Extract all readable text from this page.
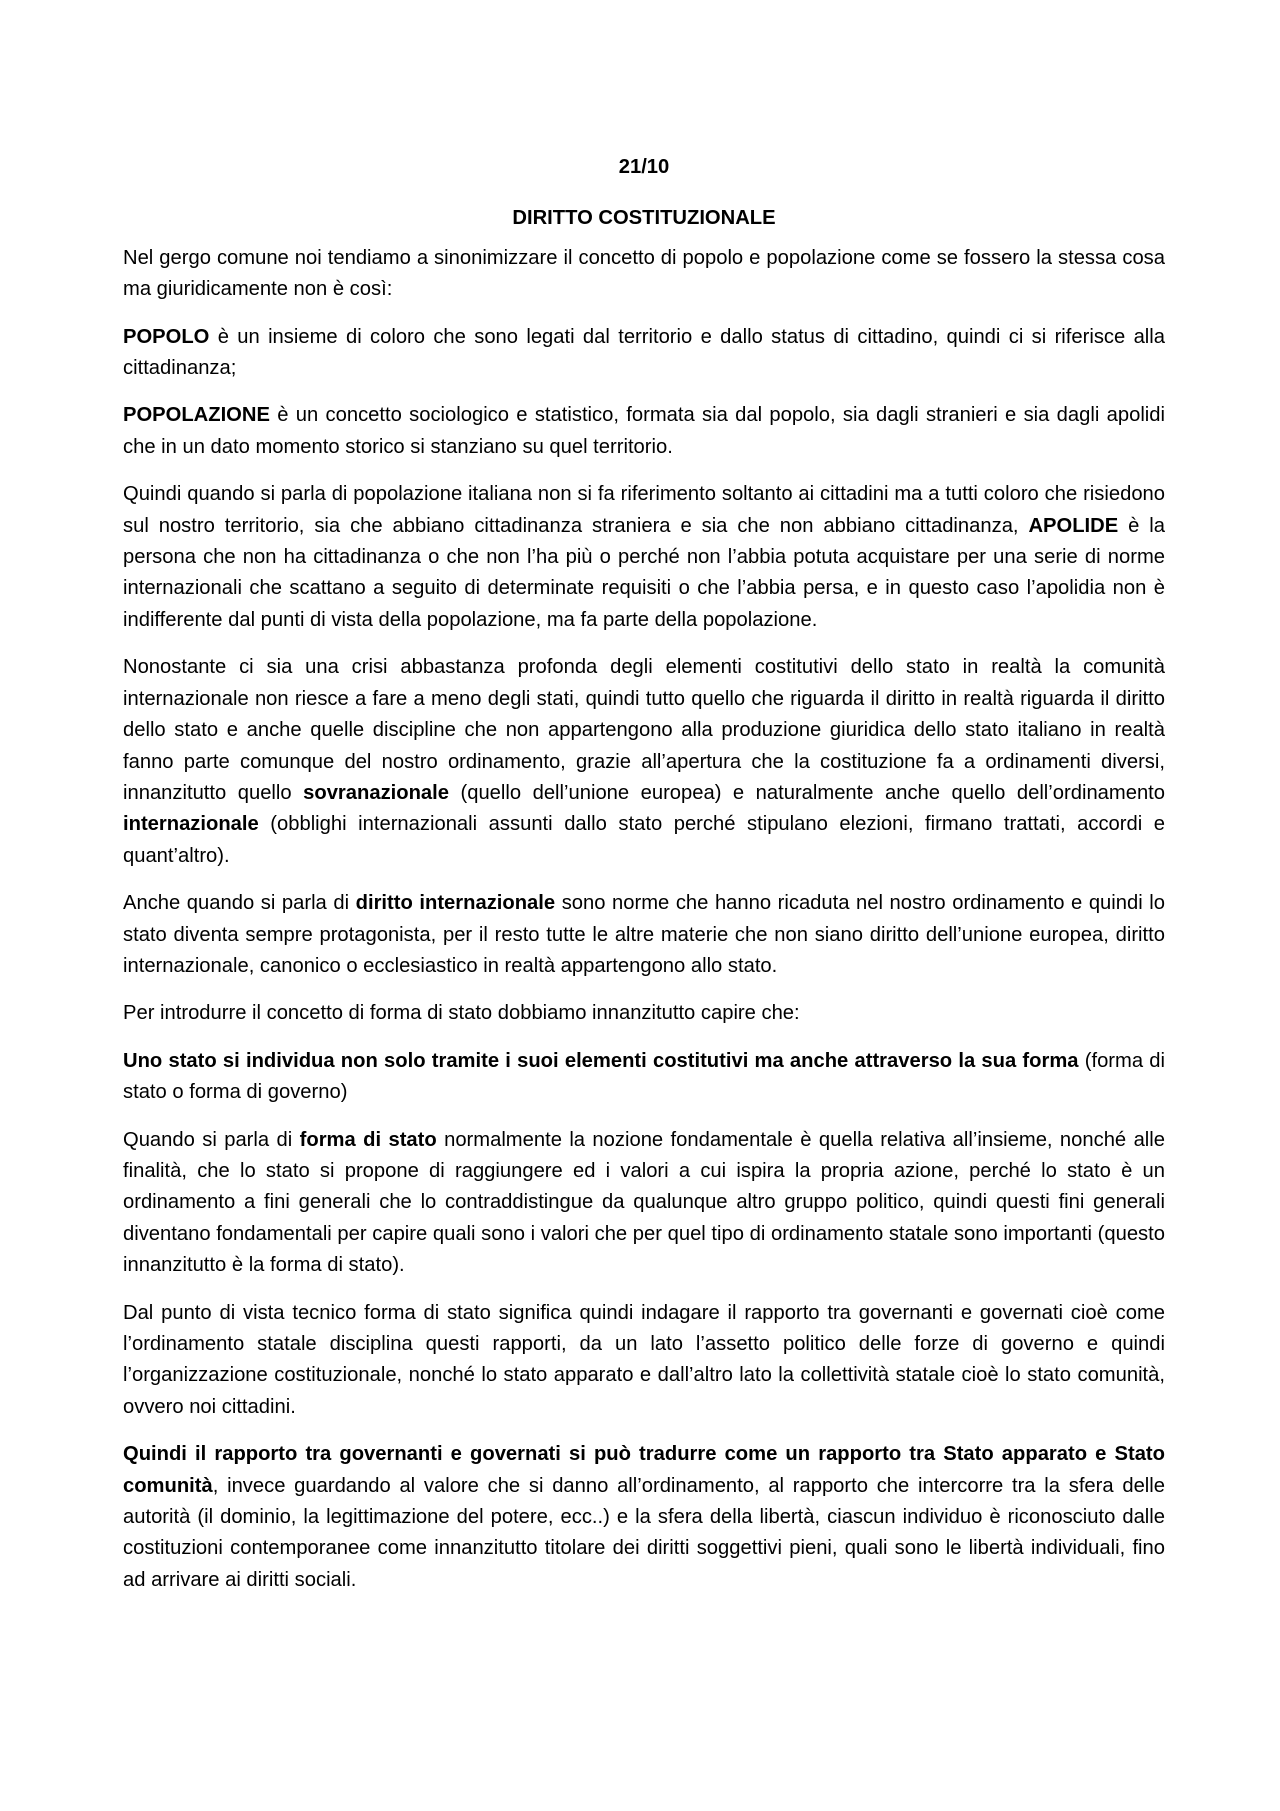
21/10
DIRITTO COSTITUZIONALE

Nel gergo comune noi tendiamo a sinonimizzare il concetto di popolo e popolazione come se fossero la stessa cosa ma giuridicamente non è così:

POPOLO è un insieme di coloro che sono legati dal territorio e dallo status di cittadino, quindi ci si riferisce alla cittadinanza;

POPOLAZIONE è un concetto sociologico e statistico, formata sia dal popolo, sia dagli stranieri e sia dagli apolidi che in un dato momento storico si stanziano su quel territorio.

Quindi quando si parla di popolazione italiana non si fa riferimento soltanto ai cittadini ma a tutti coloro che risiedono sul nostro territorio, sia che abbiano cittadinanza straniera e sia che non abbiano cittadinanza, APOLIDE è la persona che non ha cittadinanza o che non l’ha più o perché non l’abbia potuta acquistare per una serie di norme internazionali che scattano a seguito di determinate requisiti o che l’abbia persa, e in questo caso l’apolidia non è indifferente dal punti di vista della popolazione, ma fa parte della popolazione.

Nonostante ci sia una crisi abbastanza profonda degli elementi costitutivi dello stato in realtà la comunità internazionale non riesce a fare a meno degli stati, quindi tutto quello che riguarda il diritto in realtà riguarda il diritto dello stato e anche quelle discipline che non appartengono alla produzione giuridica dello stato italiano in realtà fanno parte comunque del nostro ordinamento, grazie all’apertura che la costituzione fa a ordinamenti diversi, innanzitutto quello sovranazionale (quello dell’unione europea) e naturalmente anche quello dell’ordinamento internazionale (obblighi internazionali assunti dallo stato perché stipulano elezioni, firmano trattati, accordi e quant’altro).

Anche quando si parla di diritto internazionale sono norme che hanno ricaduta nel nostro ordinamento e quindi lo stato diventa sempre protagonista, per il resto tutte le altre materie che non siano diritto dell’unione europea, diritto internazionale, canonico o ecclesiastico in realtà appartengono allo stato.

Per introdurre il concetto di forma di stato dobbiamo innanzitutto capire che:

Uno stato si individua non solo tramite i suoi elementi costitutivi ma anche attraverso la sua forma (forma di stato o forma di governo)

Quando si parla di forma di stato normalmente la nozione fondamentale è quella relativa all’insieme, nonché alle finalità, che lo stato si propone di raggiungere ed i valori a cui ispira la propria azione, perché lo stato è un ordinamento a fini generali che lo contraddistingue da qualunque altro gruppo politico, quindi questi fini generali diventano fondamentali per capire quali sono i valori che per quel tipo di ordinamento statale sono importanti (questo innanzitutto è la forma di stato).

Dal punto di vista tecnico forma di stato significa quindi indagare il rapporto tra governanti e governati cioè come l’ordinamento statale disciplina questi rapporti, da un lato l’assetto politico delle forze di governo e quindi l’organizzazione costituzionale, nonché lo stato apparato e dall’altro lato la collettività statale cioè lo stato comunità, ovvero noi cittadini.

Quindi il rapporto tra governanti e governati si può tradurre come un rapporto tra Stato apparato e Stato comunità, invece guardando al valore che si danno all’ordinamento, al rapporto che intercorre tra la sfera delle autorità (il dominio, la legittimazione del potere, ecc..) e la sfera della libertà, ciascun individuo è riconosciuto dalle costituzioni contemporanee come innanzitutto titolare dei diritti soggettivi pieni, quali sono le libertà individuali, fino ad arrivare ai diritti sociali.
